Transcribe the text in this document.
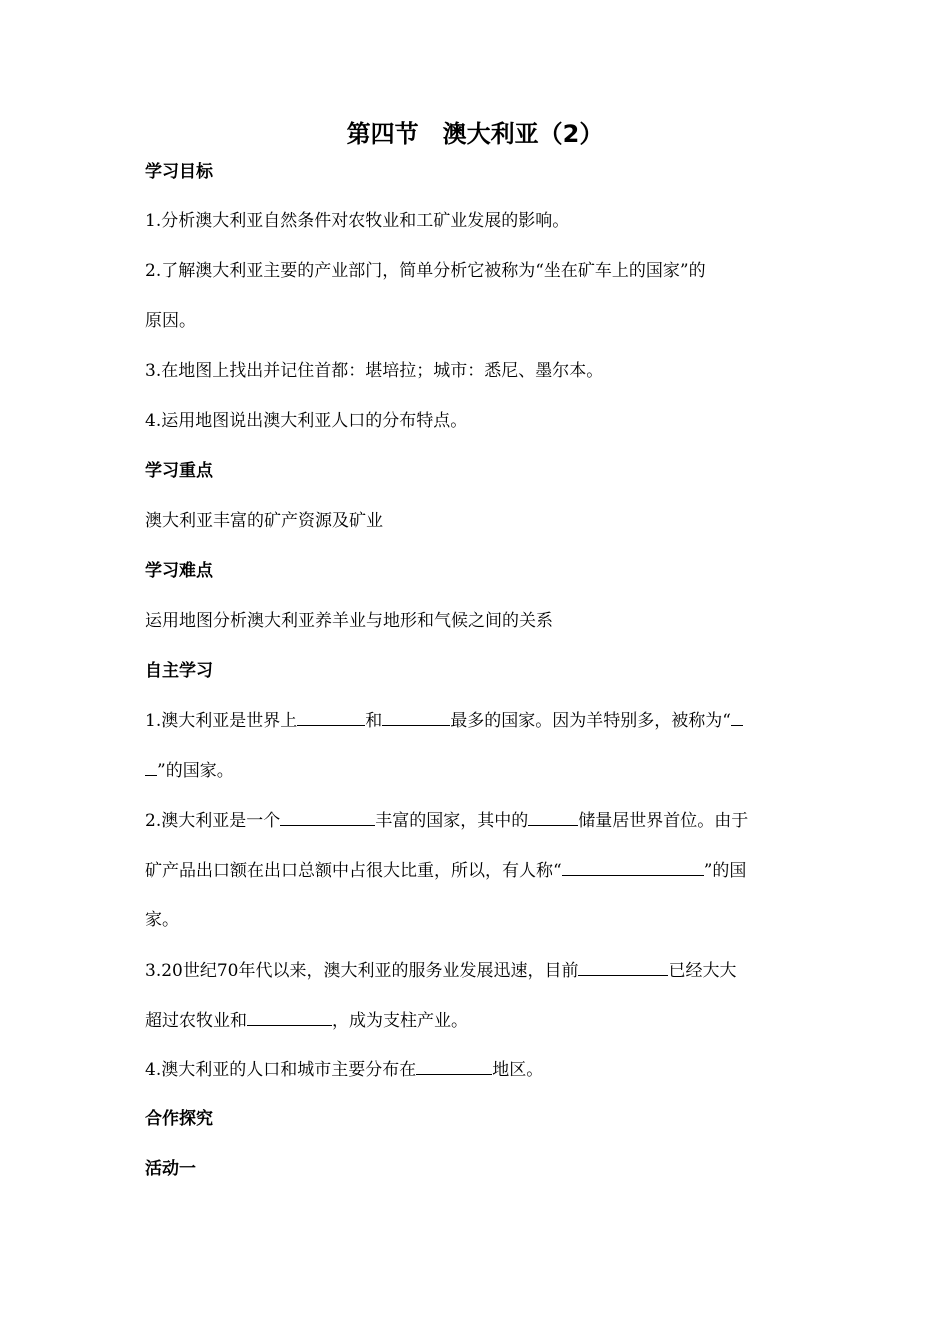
第四节　澳大利亚（2）
学习目标
1.分析澳大利亚自然条件对农牧业和工矿业发展的影响。
2.了解澳大利亚主要的产业部门，简单分析它被称为“坐在矿车上的国家”的
原因。
3.在地图上找出并记住首都：堪培拉；城市：悉尼、墨尔本。
4.运用地图说出澳大利亚人口的分布特点。
学习重点
澳大利亚丰富的矿产资源及矿业
学习难点
运用地图分析澳大利亚养羊业与地形和气候之间的关系
自主学习
1.澳大利亚是世界上	和	最多的国家。因为羊特别多，被称为“
”的国家。
2.澳大利亚是一个	丰富的国家，其中的	储量居世界首位。由于
矿产品出口额在出口总额中占很大比重，所以，有人称“	”的国
家。
3.20世纪70年代以来，澳大利亚的服务业发展迅速，目前	已经大大
超过农牧业和	，成为支柱产业。
4.澳大利亚的人口和城市主要分布在	地区。
合作探究
活动一
